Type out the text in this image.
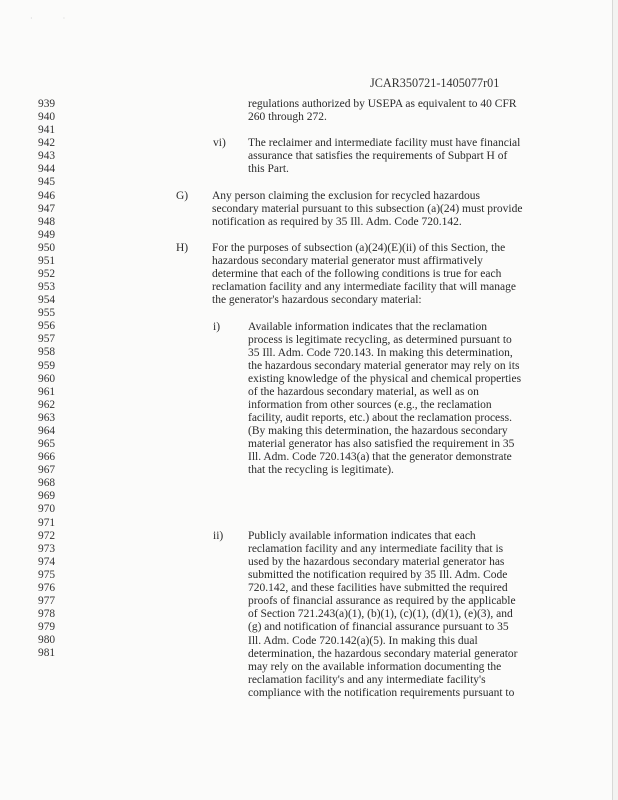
· ·
JCAR350721-1405077r01
939
940
941
942
943
944
945
946
947
948
949
950
951
952
953
954
955
956
957
958
959
960
961
962
963
964
965
966
967
968
969
970
971
972
973
974
975
976
977
978
979
980
981
regulations authorized by USEPA as equivalent to 40 CFR
260 through 272.
vi) The reclaimer and intermediate facility must have financial
assurance that satisfies the requirements of Subpart H of
this Part.
G) Any person claiming the exclusion for recycled hazardous
secondary material pursuant to this subsection (a)(24) must provide
notification as required by 35 Ill. Adm. Code 720.142.
H) For the purposes of subsection (a)(24)(E)(ii) of this Section, the
hazardous secondary material generator must affirmatively
determine that each of the following conditions is true for each
reclamation facility and any intermediate facility that will manage
the generator's hazardous secondary material:
i) Available information indicates that the reclamation
process is legitimate recycling, as determined pursuant to
35 Ill. Adm. Code 720.143. In making this determination,
the hazardous secondary material generator may rely on its
existing knowledge of the physical and chemical properties
of the hazardous secondary material, as well as on
information from other sources (e.g., the reclamation
facility, audit reports, etc.) about the reclamation process.
(By making this determination, the hazardous secondary
material generator has also satisfied the requirement in 35
Ill. Adm. Code 720.143(a) that the generator demonstrate
that the recycling is legitimate).
ii) Publicly available information indicates that each
reclamation facility and any intermediate facility that is
used by the hazardous secondary material generator has
submitted the notification required by 35 Ill. Adm. Code
720.142, and these facilities have submitted the required
proofs of financial assurance as required by the applicable
of Section 721.243(a)(1), (b)(1), (c)(1), (d)(1), (e)(3), and
(g) and notification of financial assurance pursuant to 35
Ill. Adm. Code 720.142(a)(5). In making this dual
determination, the hazardous secondary material generator
may rely on the available information documenting the
reclamation facility's and any intermediate facility's
compliance with the notification requirements pursuant to
